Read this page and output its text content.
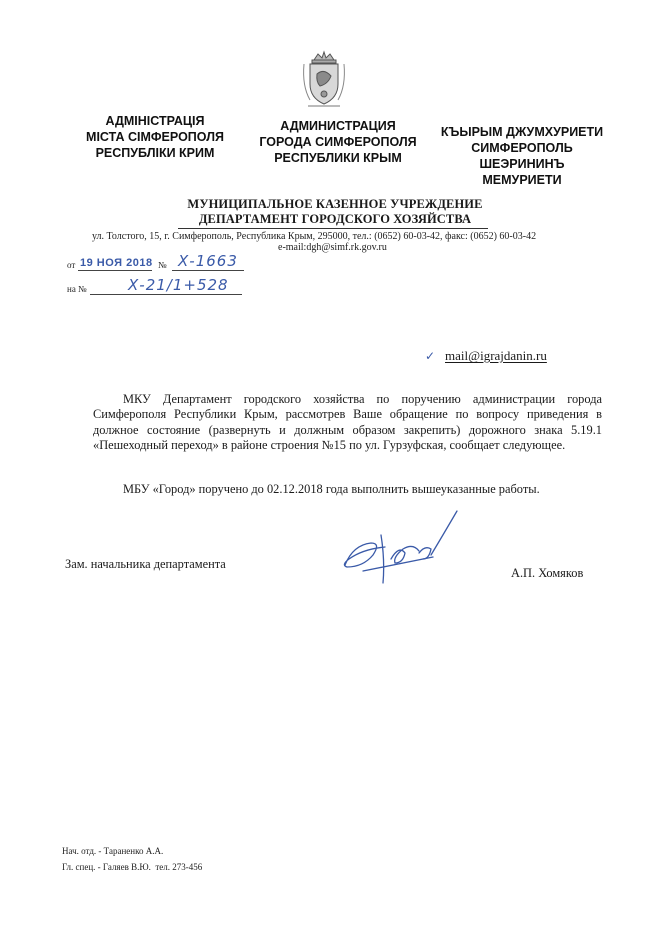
АДМІНІСТРАЦІЯ
МІСТА СІМФЕРОПОЛЯ
РЕСПУБЛІКИ КРИМ
АДМИНИСТРАЦИЯ
ГОРОДА СИМФЕРОПОЛЯ
РЕСПУБЛИКИ КРЫМ
КЪЫРЫМ ДЖУМХУРИЕТИ
СИМФЕРОПОЛЬ
ШЕЭРИНИНЪ
МЕМУРИЕТИ
МУНИЦИПАЛЬНОЕ КАЗЕННОЕ УЧРЕЖДЕНИЕ
ДЕПАРТАМЕНТ ГОРОДСКОГО ХОЗЯЙСТВА
ул. Толстого, 15, г. Симферополь, Республика Крым, 295000, тел.: (0652) 60-03-42, факс: (0652) 60-03-42
e-mail:dgh@simf.rk.gov.ru
от 19 НОЯ 2018 № Х-1663
на №	Х-21/1+528
✓ mail@igrajdanin.ru
МКУ Департамент городского хозяйства по поручению администрации города Симферополя Республики Крым, рассмотрев Ваше обращение по вопросу приведения в должное состояние (развернуть и должным образом закрепить) дорожного знака 5.19.1 «Пешеходный переход» в районе строения №15 по ул. Гурзуфская, сообщает следующее.
МБУ «Город» поручено до 02.12.2018 года выполнить вышеуказанные работы.
Зам. начальника департамента
А.П. Хомяков
Нач. отд. - Тараненко А.А.
Гл. спец. - Галяев В.Ю.  тел. 273-456
